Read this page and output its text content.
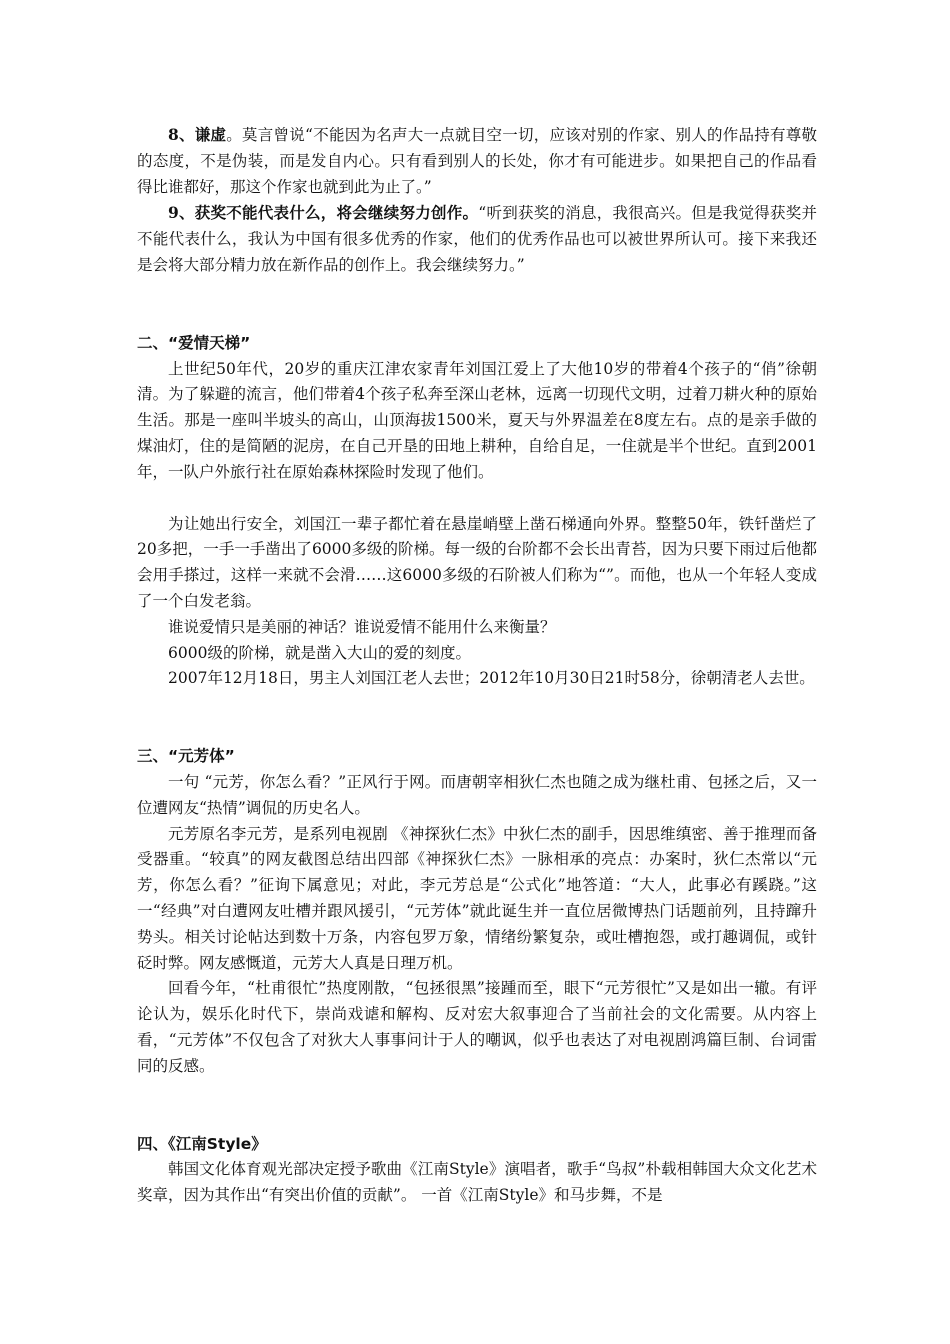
8、谦虚。莫言曾说“不能因为名声大一点就目空一切，应该对别的作家、别人的作品持有尊敬的态度，不是伪装，而是发自内心。只有看到别人的长处，你才有可能进步。如果把自己的作品看得比谁都好，那这个作家也就到此为止了。”

9、获奖不能代表什么，将会继续努力创作。“听到获奖的消息，我很高兴。但是我觉得获奖并不能代表什么，我认为中国有很多优秀的作家，他们的优秀作品也可以被世界所认可。接下来我还是会将大部分精力放在新作品的创作上。我会继续努力。”

二、“爱情天梯”

上世纪50年代，20岁的重庆江津农家青年刘国江爱上了大他10岁的带着4个孩子的“俏”徐朝清。为了躲避的流言，他们带着4个孩子私奔至深山老林，远离一切现代文明，过着刀耕火种的原始生活。那是一座叫半坡头的高山，山顶海拔1500米，夏天与外界温差在8度左右。点的是亲手做的煤油灯，住的是简陋的泥房，在自己开垦的田地上耕种，自给自足，一住就是半个世纪。直到2001年，一队户外旅行社在原始森林探险时发现了他们。

为让她出行安全，刘国江一辈子都忙着在悬崖峭壁上凿石梯通向外界。整整50年，铁钎凿烂了20多把，一手一手凿出了6000多级的阶梯。每一级的台阶都不会长出青苔，因为只要下雨过后他都会用手搽过，这样一来就不会滑……这6000多级的石阶被人们称为“”。而他，也从一个年轻人变成了一个白发老翁。

谁说爱情只是美丽的神话？谁说爱情不能用什么来衡量？

6000级的阶梯，就是凿入大山的爱的刻度。

2007年12月18日，男主人刘国江老人去世；2012年10月30日21时58分，徐朝清老人去世。

三、“元芳体”

一句 “元芳，你怎么看？”正风行于网。而唐朝宰相狄仁杰也随之成为继杜甫、包拯之后，又一位遭网友“热情”调侃的历史名人。

元芳原名李元芳，是系列电视剧 《神探狄仁杰》中狄仁杰的副手，因思维缜密、善于推理而备受器重。“较真”的网友截图总结出四部《神探狄仁杰》一脉相承的亮点：办案时，狄仁杰常以“元芳，你怎么看？”征询下属意见；对此，李元芳总是“公式化”地答道：“大人，此事必有蹊跷。”这一“经典”对白遭网友吐槽并跟风援引，“元芳体”就此诞生并一直位居微博热门话题前列，且持蹿升势头。相关讨论帖达到数十万条，内容包罗万象，情绪纷繁复杂，或吐槽抱怨，或打趣调侃，或针砭时弊。网友感慨道，元芳大人真是日理万机。

回看今年，“杜甫很忙”热度刚散，“包拯很黑”接踵而至，眼下“元芳很忙”又是如出一辙。有评论认为，娱乐化时代下，崇尚戏谑和解构、反对宏大叙事迎合了当前社会的文化需要。从内容上看，“元芳体”不仅包含了对狄大人事事问计于人的嘲讽，似乎也表达了对电视剧鸿篇巨制、台词雷同的反感。

四、《江南Style》

韩国文化体育观光部决定授予歌曲《江南Style》演唱者，歌手“鸟叔”朴载相韩国大众文化艺术奖章，因为其作出“有突出价值的贡献”。 一首《江南Style》和马步舞，不是
